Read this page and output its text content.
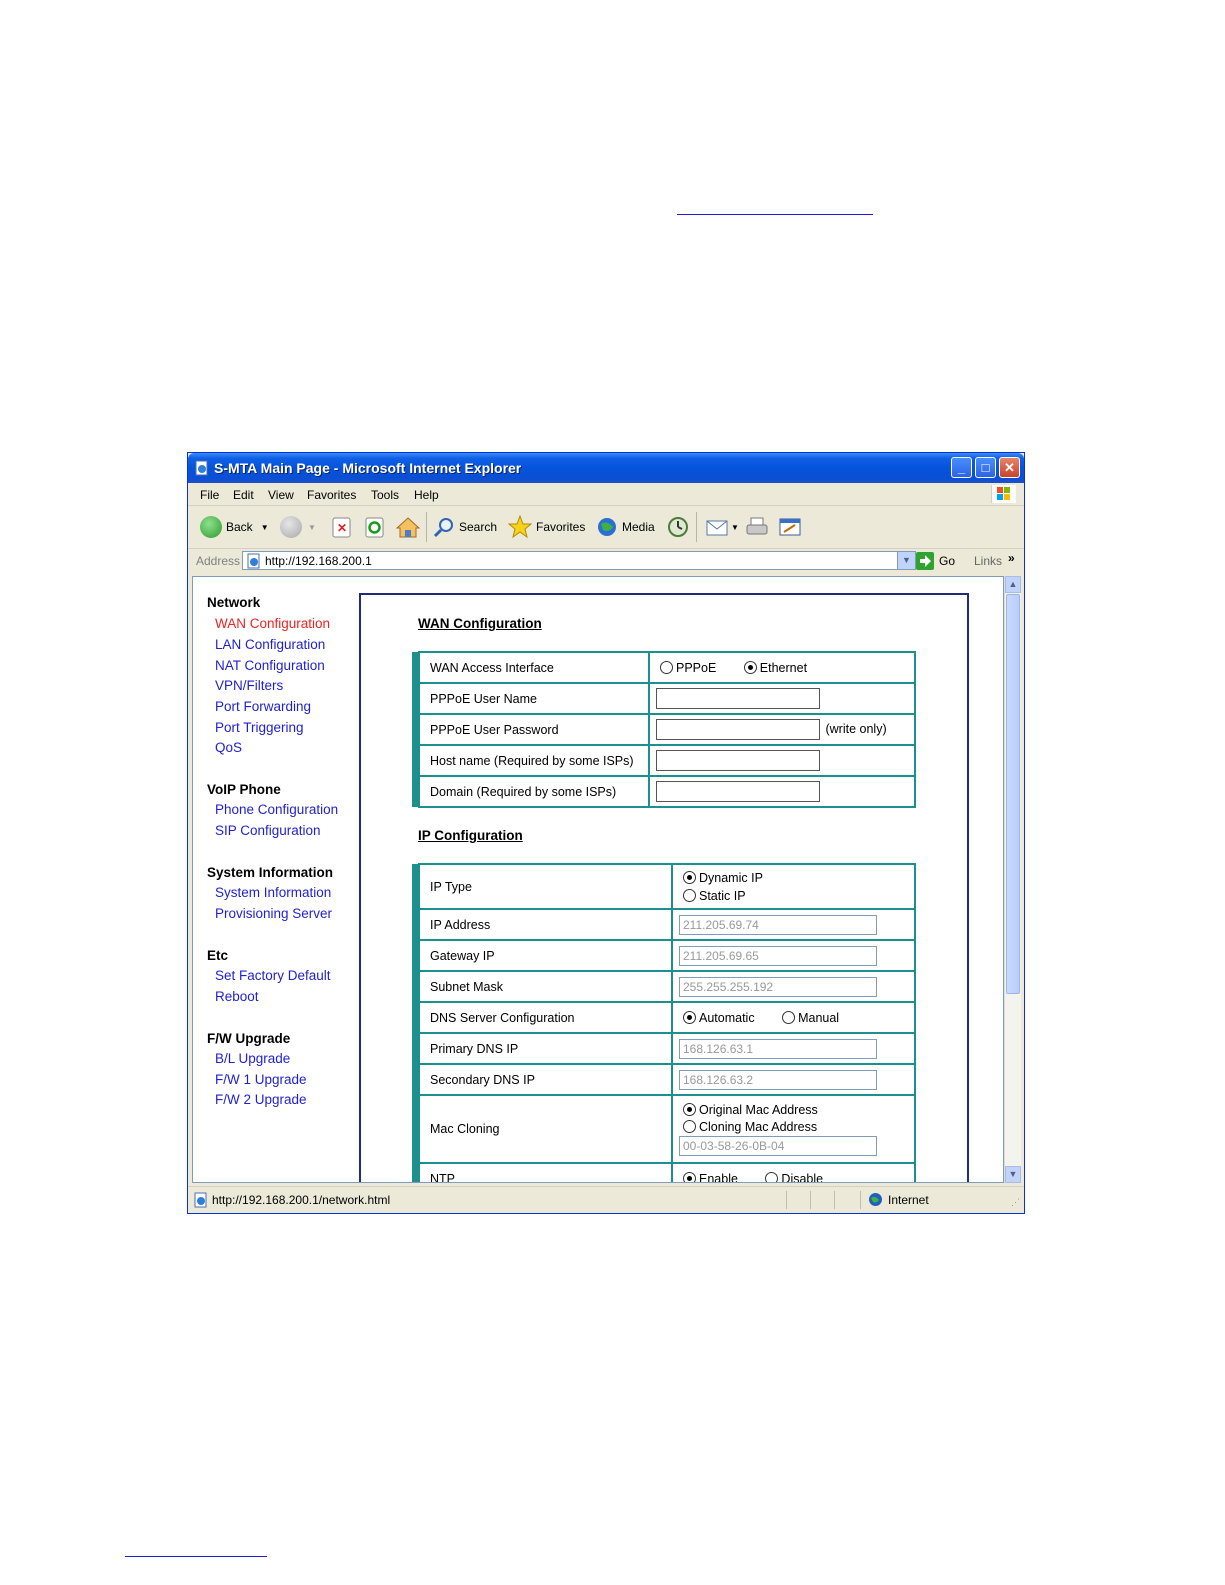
S-MTA Main Page - Microsoft Internet Explorer	_	□	✕
File Edit View Favorites Tools Help
Back ▼	▼ ✕	Search	Favorites	Media	▼
Address http://192.168.200.1	▼	Go Links »
Network
WAN Configuration
LAN Configuration
NAT Configuration
VPN/Filters
Port Forwarding
Port Triggering
QoS
VoIP Phone
Phone Configuration
SIP Configuration
System Information
System Information
Provisioning Server
Etc
Set Factory Default
Reboot
F/W Upgrade
B/L Upgrade
F/W 1 Upgrade
F/W 2 Upgrade
WAN Configuration
	WAN Access Interface	PPPoE Ethernet
	PPPoE User Name	
	PPPoE User Password	(write only)
	Host name (Required by some ISPs)	
	Domain (Required by some ISPs)	
IP Configuration
	IP Type	Dynamic IP
Static IP

	IP Address	211.205.69.74
	Gateway IP	211.205.69.65
	Subnet Mask	255.255.255.192
	DNS Server Configuration	Automatic Manual
	Primary DNS IP	168.126.63.1
	Secondary DNS IP	168.126.63.2
	Mac Cloning	Original Mac Address
Cloning Mac Address
00-03-58-26-0B-04

	NTP	Enable Disable
▲
▼
http://192.168.200.1/network.html	Internet	⋰
